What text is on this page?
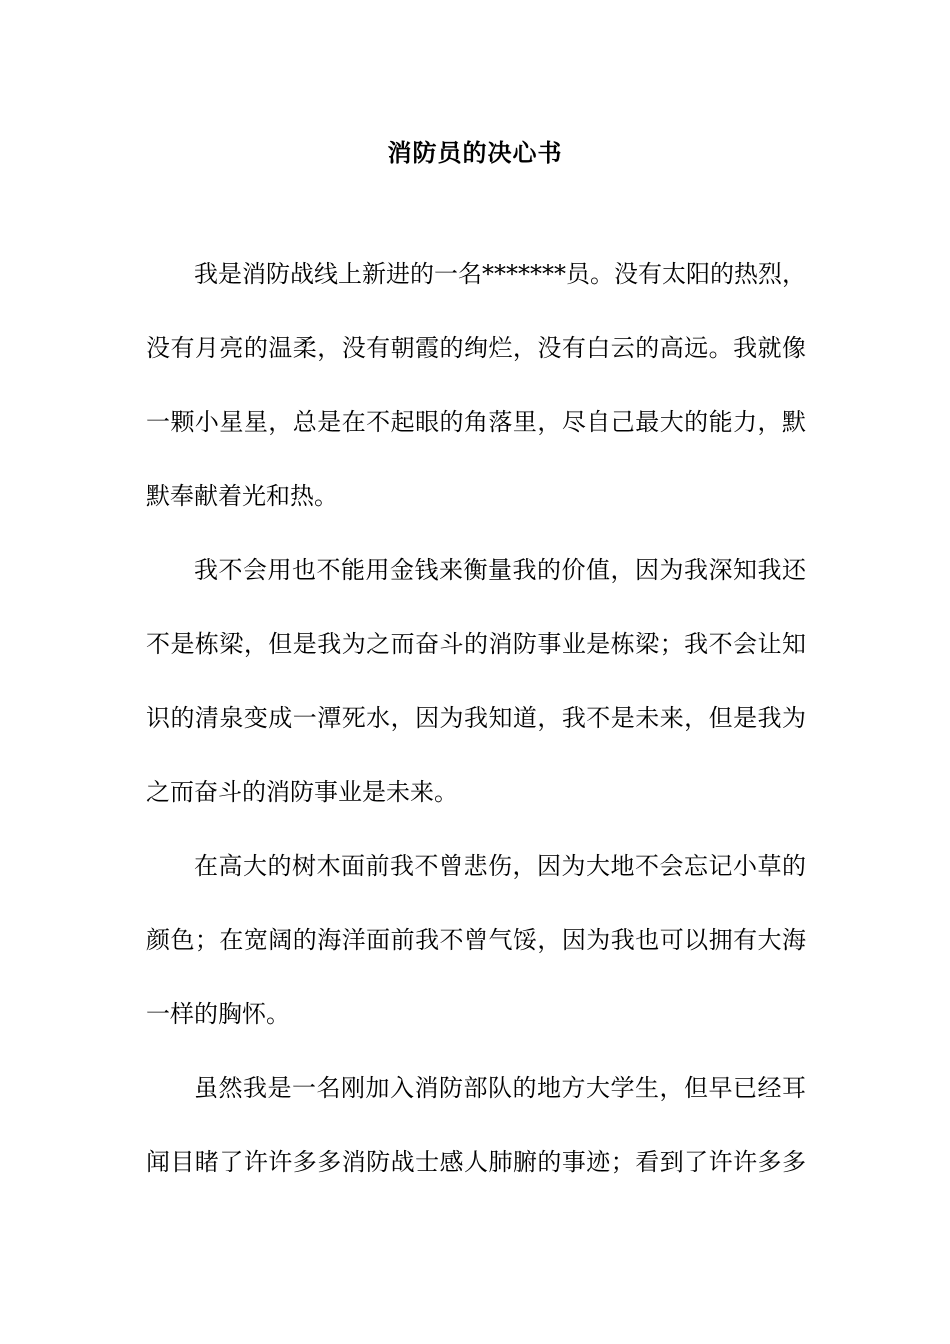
消防员的决心书
我是消防战线上新进的一名*******员。没有太阳的热烈，
没有月亮的温柔，没有朝霞的绚烂，没有白云的高远。我就像
一颗小星星，总是在不起眼的角落里，尽自己最大的能力，默
默奉献着光和热。
我不会用也不能用金钱来衡量我的价值，因为我深知我还
不是栋梁，但是我为之而奋斗的消防事业是栋梁；我不会让知
识的清泉变成一潭死水，因为我知道，我不是未来，但是我为
之而奋斗的消防事业是未来。
在高大的树木面前我不曾悲伤，因为大地不会忘记小草的
颜色；在宽阔的海洋面前我不曾气馁，因为我也可以拥有大海
一样的胸怀。
虽然我是一名刚加入消防部队的地方大学生，但早已经耳
闻目睹了许许多多消防战士感人肺腑的事迹；看到了许许多多
